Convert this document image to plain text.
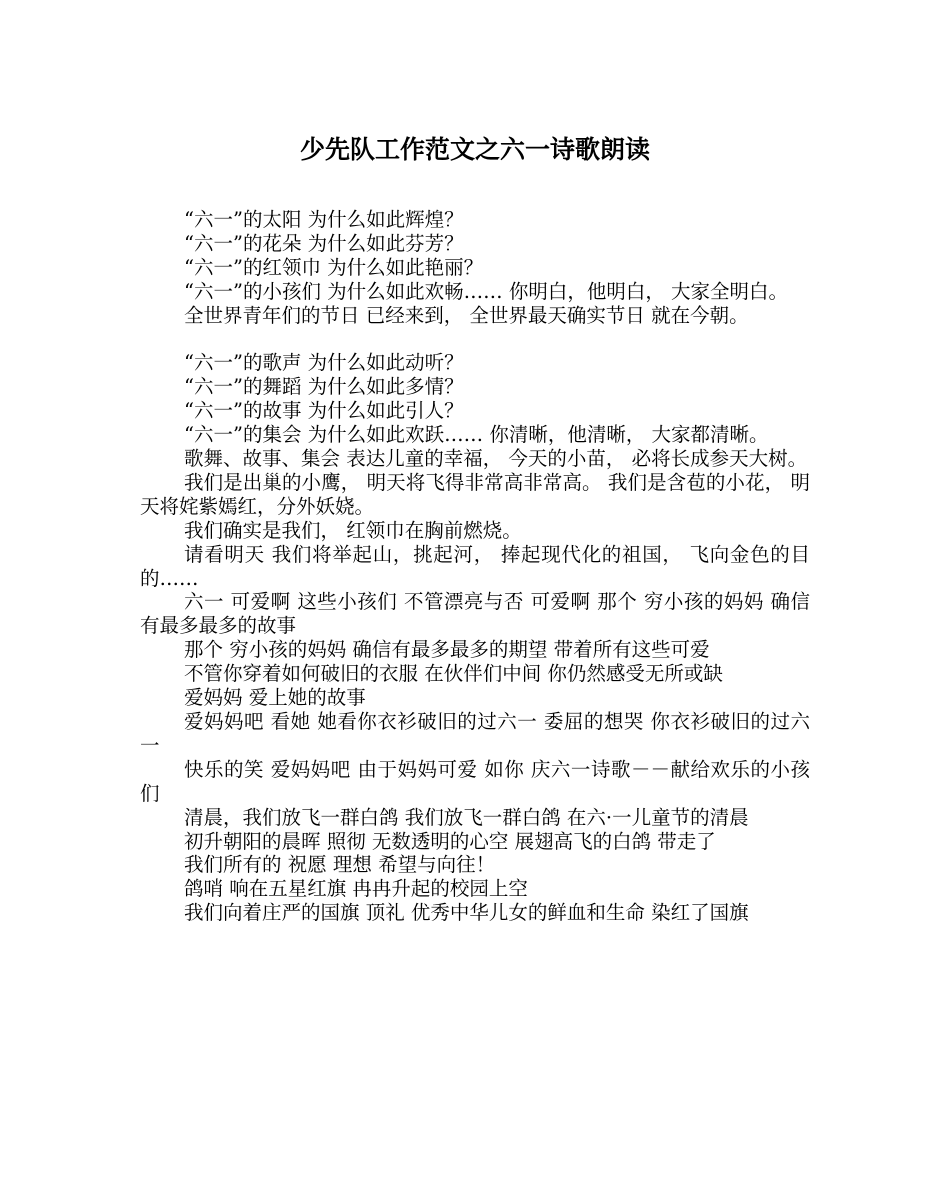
少先队工作范文之六一诗歌朗读

“六一”的太阳 为什么如此辉煌？

“六一”的花朵 为什么如此芬芳？

“六一”的红领巾 为什么如此艳丽？

“六一”的小孩们 为什么如此欢畅…… 你明白，他明白， 大家全明白。

全世界青年们的节日 已经来到， 全世界最天确实节日 就在今朝。

“六一”的歌声 为什么如此动听？

“六一”的舞蹈 为什么如此多情？

“六一”的故事 为什么如此引人？

“六一”的集会 为什么如此欢跃…… 你清晰，他清晰， 大家都清晰。

歌舞、故事、集会 表达儿童的幸福， 今天的小苗， 必将长成参天大树。

我们是出巢的小鹰， 明天将飞得非常高非常高。 我们是含苞的小花， 明天将姹紫嫣红，分外妖娆。

我们确实是我们， 红领巾在胸前燃烧。

请看明天 我们将举起山，挑起河， 捧起现代化的祖国， 飞向金色的目的……

六一 可爱啊 这些小孩们 不管漂亮与否 可爱啊 那个 穷小孩的妈妈 确信有最多最多的故事

那个 穷小孩的妈妈 确信有最多最多的期望 带着所有这些可爱

不管你穿着如何破旧的衣服 在伙伴们中间 你仍然感受无所或缺

爱妈妈 爱上她的故事

爱妈妈吧 看她 她看你衣衫破旧的过六一 委屈的想哭 你衣衫破旧的过六一

快乐的笑 爱妈妈吧 由于妈妈可爱 如你 庆六一诗歌－－献给欢乐的小孩们

清晨，我们放飞一群白鸽 我们放飞一群白鸽 在六·一儿童节的清晨

初升朝阳的晨晖 照彻 无数透明的心空 展翅高飞的白鸽 带走了

我们所有的 祝愿 理想 希望与向往！

鸽哨 响在五星红旗 冉冉升起的校园上空

我们向着庄严的国旗 顶礼 优秀中华儿女的鲜血和生命 染红了国旗
